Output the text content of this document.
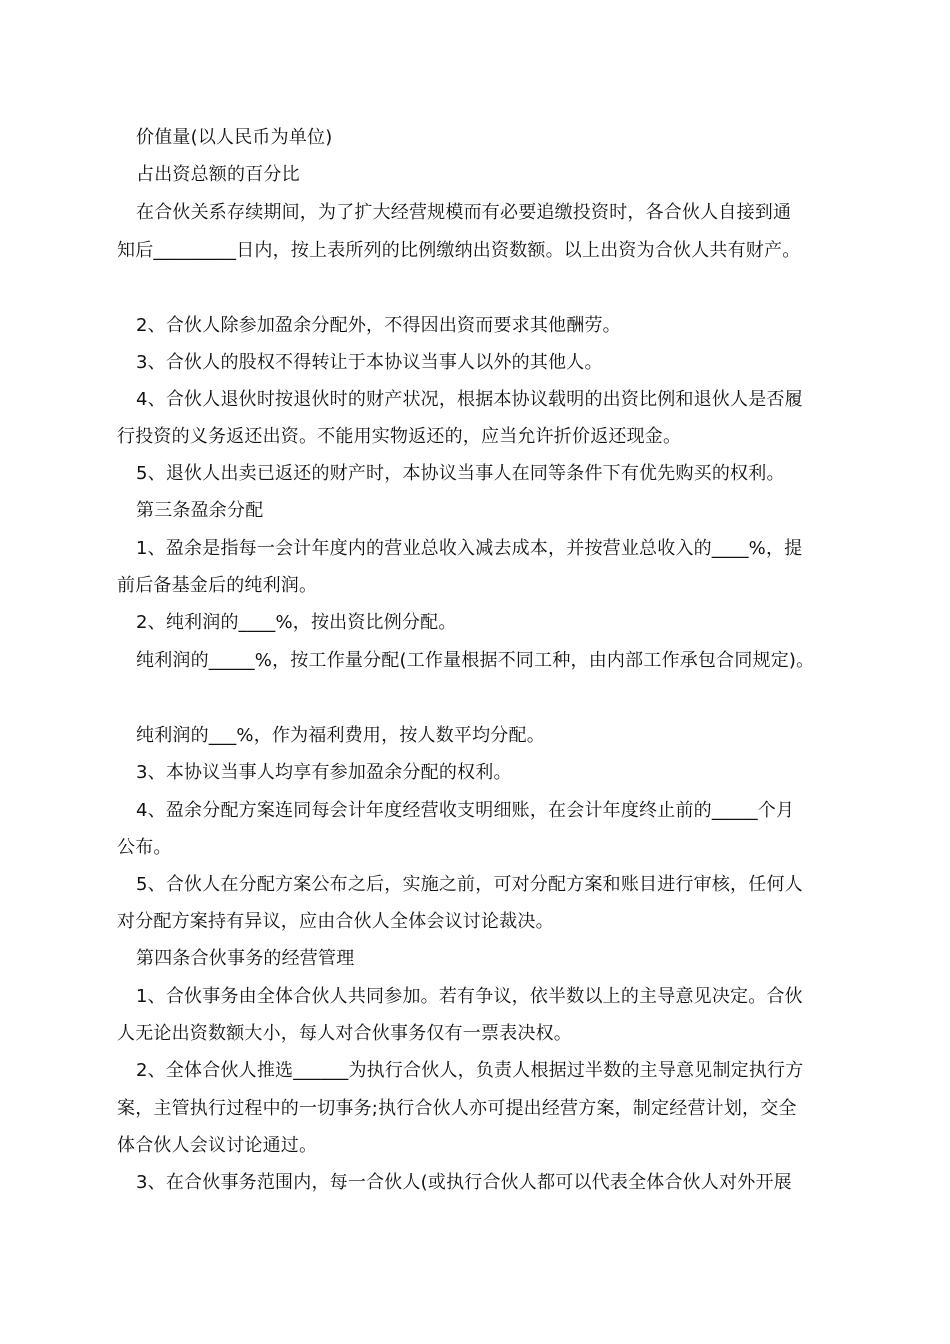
价值量(以人民币为单位)
占出资总额的百分比
在合伙关系存续期间，为了扩大经营规模而有必要追缴投资时，各合伙人自接到通
知后_________日内，按上表所列的比例缴纳出资数额。以上出资为合伙人共有财产。
2、合伙人除参加盈余分配外，不得因出资而要求其他酬劳。
3、合伙人的股权不得转让于本协议当事人以外的其他人。
4、合伙人退伙时按退伙时的财产状况，根据本协议载明的出资比例和退伙人是否履
行投资的义务返还出资。不能用实物返还的，应当允许折价返还现金。
5、退伙人出卖已返还的财产时，本协议当事人在同等条件下有优先购买的权利。
第三条盈余分配
1、盈余是指每一会计年度内的营业总收入减去成本，并按营业总收入的____%，提
前后备基金后的纯利润。
2、纯利润的____%，按出资比例分配。
纯利润的_____%，按工作量分配(工作量根据不同工种，由内部工作承包合同规定)。
纯利润的___%，作为福利费用，按人数平均分配。
3、本协议当事人均享有参加盈余分配的权利。
4、盈余分配方案连同每会计年度经营收支明细账，在会计年度终止前的_____个月
公布。
5、合伙人在分配方案公布之后，实施之前，可对分配方案和账目进行审核，任何人
对分配方案持有异议，应由合伙人全体会议讨论裁决。
第四条合伙事务的经营管理
1、合伙事务由全体合伙人共同参加。若有争议，依半数以上的主导意见决定。合伙
人无论出资数额大小，每人对合伙事务仅有一票表决权。
2、全体合伙人推选______为执行合伙人，负责人根据过半数的主导意见制定执行方
案，主管执行过程中的一切事务;执行合伙人亦可提出经营方案，制定经营计划，交全
体合伙人会议讨论通过。
3、在合伙事务范围内，每一合伙人(或执行合伙人都可以代表全体合伙人对外开展
